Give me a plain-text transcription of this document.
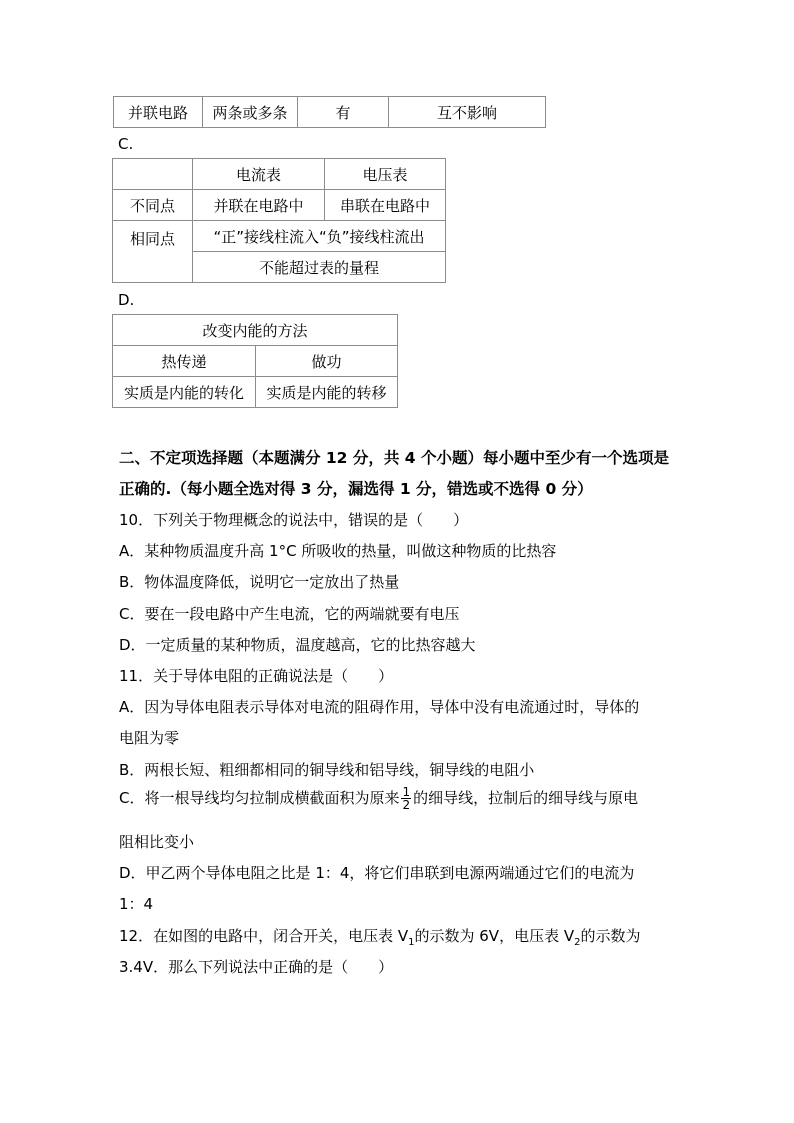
并联电路	两条或多条	有	互不影响
C.
	电流表	电压表
不同点	并联在电路中	串联在电路中
相同点	“正”接线柱流入“负”接线柱流出	
	不能超过表的量程	
D.
改变内能的方法	
热传递	做功
实质是内能的转化	实质是内能的转移
二、不定项选择题（本题满分 12 分，共 4 个小题）每小题中至少有一个选项是
正确的.（每小题全选对得 3 分，漏选得 1 分，错选或不选得 0 分）
10．下列关于物理概念的说法中，错误的是（　　）
A．某种物质温度升高 1°C 所吸收的热量，叫做这种物质的比热容
B．物体温度降低，说明它一定放出了热量
C．要在一段电路中产生电流，它的两端就要有电压
D．一定质量的某种物质，温度越高，它的比热容越大
11．关于导体电阻的正确说法是（　　）
A．因为导体电阻表示导体对电流的阻碍作用，导体中没有电流通过时，导体的
电阻为零
B．两根长短、粗细都相同的铜导线和铝导线，铜导线的电阻小
C．将一根导线均匀拉制成横截面积为原来 $\frac{1}{2}$ 的细导线，拉制后的细导线与原电
阻相比变小
D．甲乙两个导体电阻之比是 1：4，将它们串联到电源两端通过它们的电流为
1：4
12．在如图的电路中，闭合开关，电压表 $V_1$的示数为 6V，电压表 $V_2$的示数为
3.4V．那么下列说法中正确的是（　　）
